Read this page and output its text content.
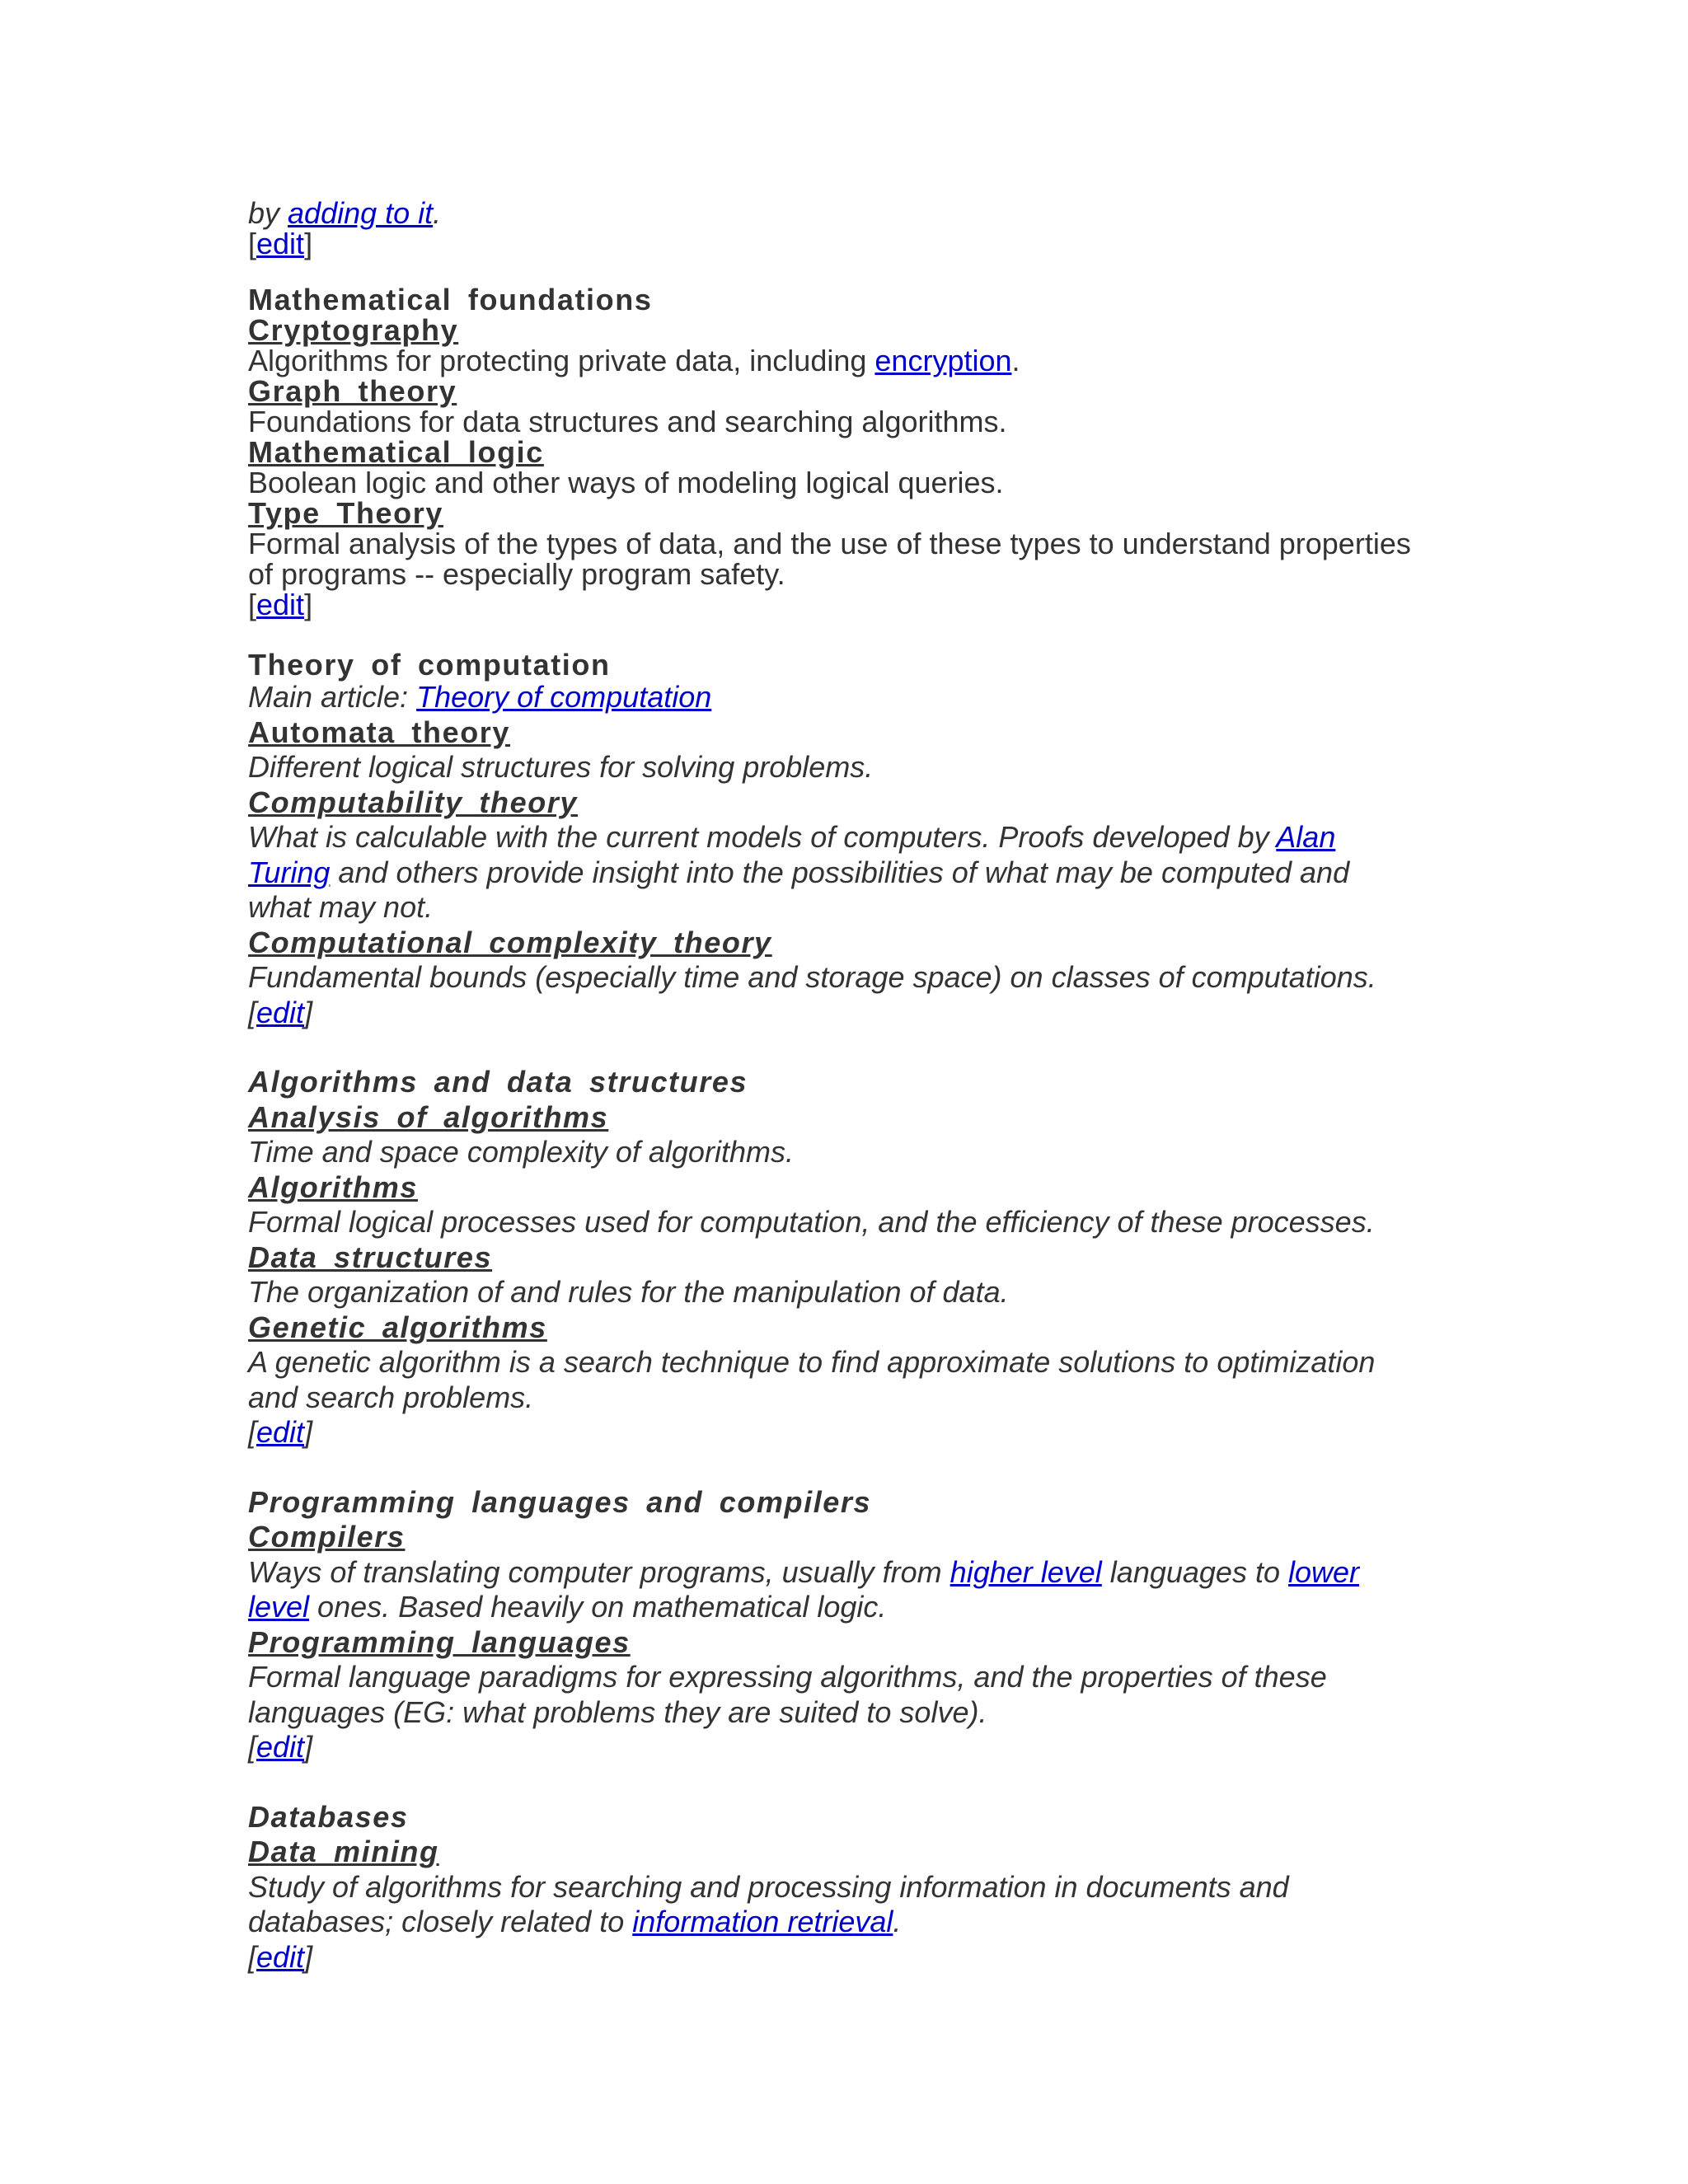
by adding to it.
[edit]
Mathematical foundations
Cryptography
Algorithms for protecting private data, including encryption.
Graph theory
Foundations for data structures and searching algorithms.
Mathematical logic
Boolean logic and other ways of modeling logical queries.
Type Theory
Formal analysis of the types of data, and the use of these types to understand properties
of programs -- especially program safety.
[edit]
Theory of computation
Main article: Theory of computation
Automata theory
Different logical structures for solving problems.
Computability theory
What is calculable with the current models of computers. Proofs developed by Alan
Turing and others provide insight into the possibilities of what may be computed and
what may not.
Computational complexity theory
Fundamental bounds (especially time and storage space) on classes of computations.
[edit]
Algorithms and data structures
Analysis of algorithms
Time and space complexity of algorithms.
Algorithms
Formal logical processes used for computation, and the efficiency of these processes.
Data structures
The organization of and rules for the manipulation of data.
Genetic algorithms
A genetic algorithm is a search technique to find approximate solutions to optimization
and search problems.
[edit]
Programming languages and compilers
Compilers
Ways of translating computer programs, usually from higher level languages to lower
level ones. Based heavily on mathematical logic.
Programming languages
Formal language paradigms for expressing algorithms, and the properties of these
languages (EG: what problems they are suited to solve).
[edit]
Databases
Data mining
Study of algorithms for searching and processing information in documents and
databases; closely related to information retrieval.
[edit]
